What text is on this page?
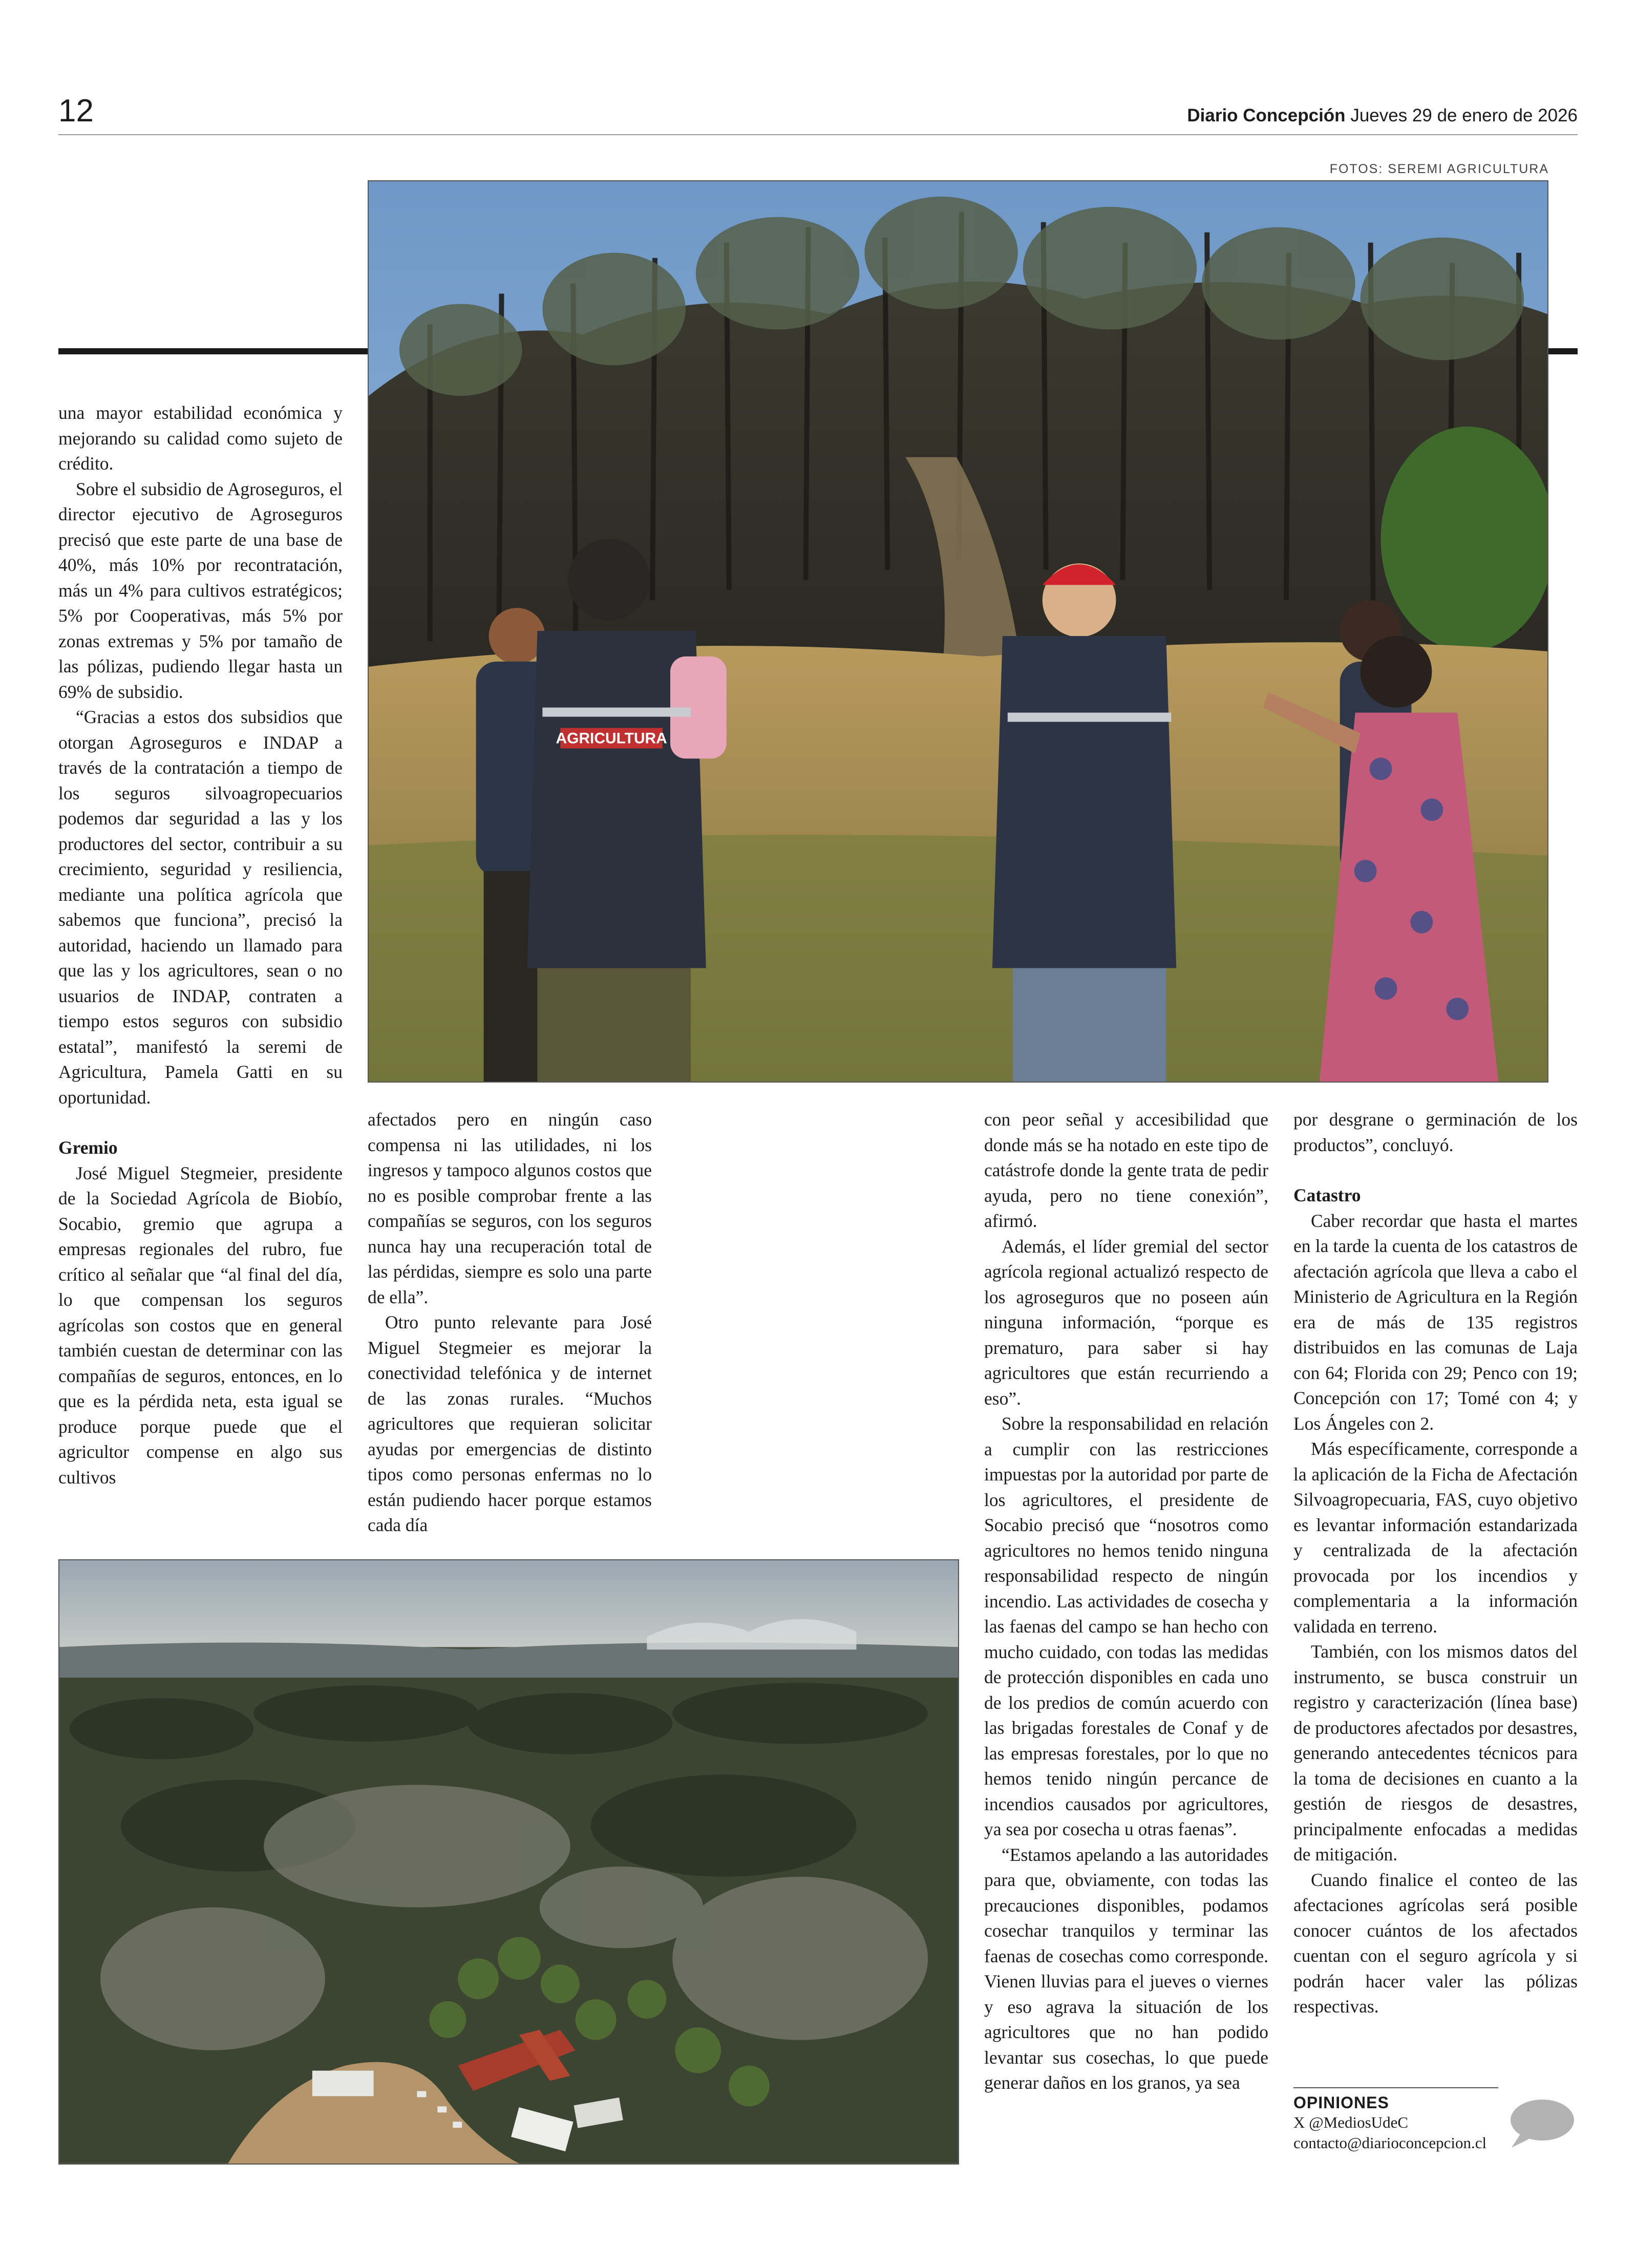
12	Diario Concepción Jueves 29 de enero de 2026
FOTOS: SEREMI AGRICULTURA
AGRICULTURA

una mayor estabilidad económica y mejorando su calidad como sujeto de crédito.

Sobre el subsidio de Agroseguros, el director ejecutivo de Agroseguros precisó que este parte de una base de 40%, más 10% por recontratación, más un 4% para cultivos estratégicos; 5% por Cooperativas, más 5% por zonas extremas y 5% por tamaño de las pólizas, pudiendo llegar hasta un 69% de subsidio.

“Gracias a estos dos subsidios que otorgan Agroseguros e INDAP a través de la contratación a tiempo de los seguros silvoagropecuarios podemos dar seguridad a las y los productores del sector, contribuir a su crecimiento, seguridad y resiliencia, mediante una política agrícola que sabemos que funciona”, precisó la autoridad, haciendo un llamado para que las y los agricultores, sean o no usuarios de INDAP, contraten a tiempo estos seguros con subsidio estatal”, manifestó la seremi de Agricultura, Pamela Gatti en su oportunidad.

Gremio

José Miguel Stegmeier, presidente de la Sociedad Agrícola de Biobío, Socabio, gremio que agrupa a empresas regionales del rubro, fue crítico al señalar que “al final del día, lo que compensan los seguros agrícolas son costos que en general también cuestan de determinar con las compañías de seguros, entonces, en lo que es la pérdida neta, esta igual se produce porque puede que el agricultor compense en algo sus cultivos

afectados pero en ningún caso compensa ni las utilidades, ni los ingresos y tampoco algunos costos que no es posible comprobar frente a las compañías se seguros, con los seguros nunca hay una recuperación total de las pérdidas, siempre es solo una parte de ella”.

Otro punto relevante para José Miguel Stegmeier es mejorar la conectividad telefónica y de internet de las zonas rurales. “Muchos agricultores que requieran solicitar ayudas por emergencias de distinto tipos como personas enfermas no lo están pudiendo hacer porque estamos cada día

con peor señal y accesibilidad que donde más se ha notado en este tipo de catástrofe donde la gente trata de pedir ayuda, pero no tiene conexión”, afirmó.

Además, el líder gremial del sector agrícola regional actualizó respecto de los agroseguros que no poseen aún ninguna información, “porque es prematuro, para saber si hay agricultores que están recurriendo a eso”.

Sobre la responsabilidad en relación a cumplir con las restricciones impuestas por la autoridad por parte de los agricultores, el presidente de Socabio precisó que “nosotros como agricultores no hemos tenido ninguna responsabilidad respecto de ningún incendio. Las actividades de cosecha y las faenas del campo se han hecho con mucho cuidado, con todas las medidas de protección disponibles en cada uno de los predios de común acuerdo con las brigadas forestales de Conaf y de las empresas forestales, por lo que no hemos tenido ningún percance de incendios causados por agricultores, ya sea por cosecha u otras faenas”.

“Estamos apelando a las autoridades para que, obviamente, con todas las precauciones disponibles, podamos cosechar tranquilos y terminar las faenas de cosechas como corresponde. Vienen lluvias para el jueves o viernes y eso agrava la situación de los agricultores que no han podido levantar sus cosechas, lo que puede generar daños en los granos, ya sea

por desgrane o germinación de los productos”, concluyó.

Catastro

Caber recordar que hasta el martes en la tarde la cuenta de los catastros de afectación agrícola que lleva a cabo el Ministerio de Agricultura en la Región era de más de 135 registros distribuidos en las comunas de Laja con 64; Florida con 29; Penco con 19; Concepción con 17; Tomé con 4; y Los Ángeles con 2.

Más específicamente, corresponde a la aplicación de la Ficha de Afectación Silvoagropecuaria, FAS, cuyo objetivo es levantar información estandarizada y centralizada de la afectación provocada por los incendios y complementaria a la información validada en terreno.

También, con los mismos datos del instrumento, se busca construir un registro y caracterización (línea base) de productores afectados por desastres, generando antecedentes técnicos para la toma de decisiones en cuanto a la gestión de riesgos de desastres, principalmente enfocadas a medidas de mitigación.

Cuando finalice el conteo de las afectaciones agrícolas será posible conocer cuántos de los afectados cuentan con el seguro agrícola y si podrán hacer valer las pólizas respectivas.

OPINIONES
X @MediosUdeC
contacto@diarioconcepcion.cl
